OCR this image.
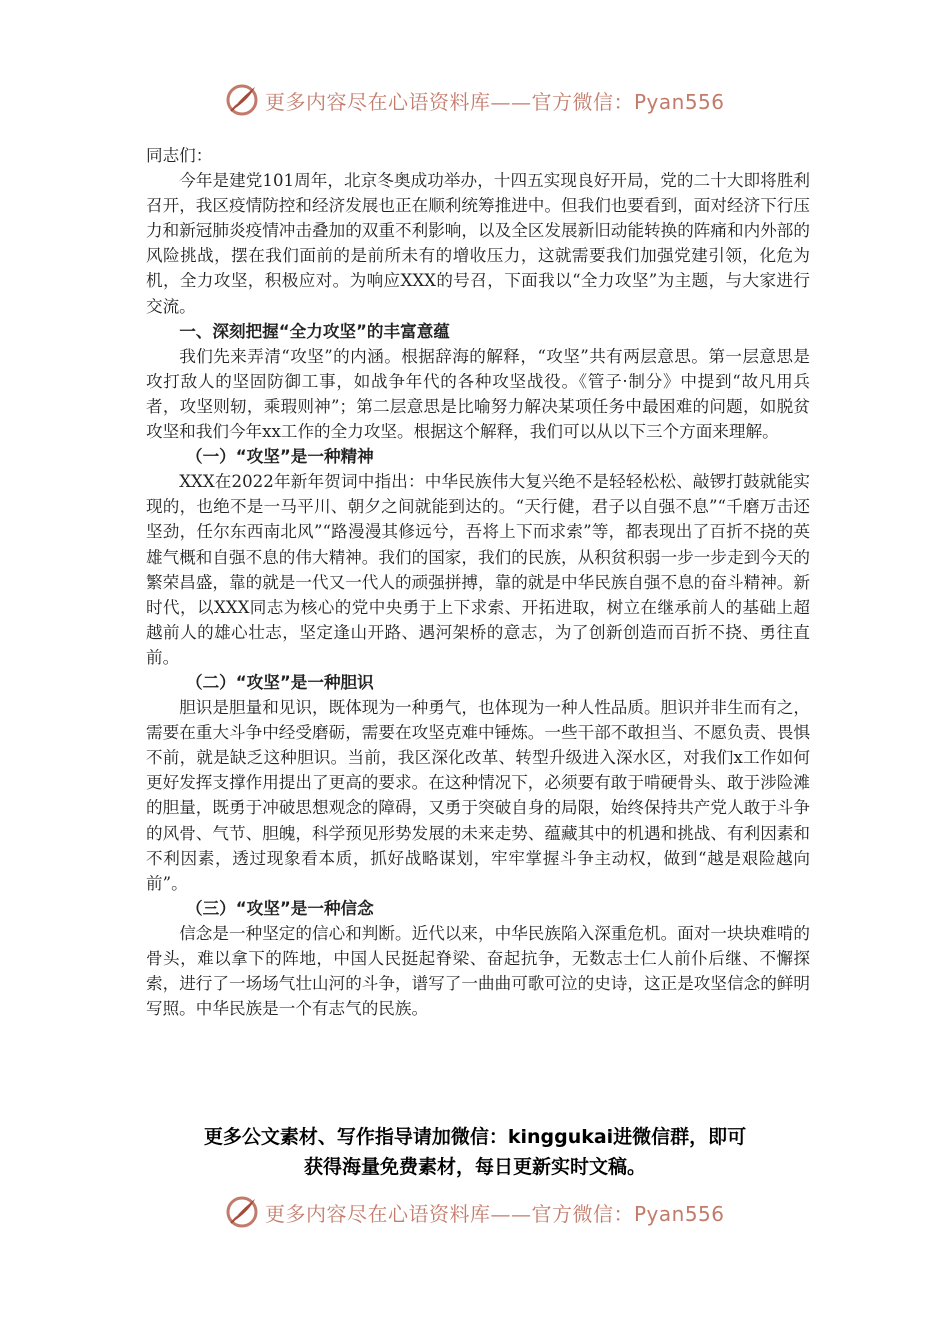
更多内容尽在心语资料库——官方微信：Pyan556

同志们：

今年是建党101周年，北京冬奥成功举办，十四五实现良好开局，党的二十大即将胜利召开，我区疫情防控和经济发展也正在顺利统筹推进中。但我们也要看到，面对经济下行压力和新冠肺炎疫情冲击叠加的双重不利影响，以及全区发展新旧动能转换的阵痛和内外部的风险挑战，摆在我们面前的是前所未有的增收压力，这就需要我们加强党建引领，化危为机，全力攻坚，积极应对。为响应XXX的号召，下面我以“全力攻坚”为主题，与大家进行交流。

一、深刻把握“全力攻坚”的丰富意蕴

我们先来弄清“攻坚”的内涵。根据辞海的解释，“攻坚”共有两层意思。第一层意思是攻打敌人的坚固防御工事，如战争年代的各种攻坚战役。《管子·制分》中提到“故凡用兵者，攻坚则轫，乘瑕则神”；第二层意思是比喻努力解决某项任务中最困难的问题，如脱贫攻坚和我们今年xx工作的全力攻坚。根据这个解释，我们可以从以下三个方面来理解。

（一）“攻坚”是一种精神

XXX在2022年新年贺词中指出：中华民族伟大复兴绝不是轻轻松松、敲锣打鼓就能实现的，也绝不是一马平川、朝夕之间就能到达的。“天行健，君子以自强不息”“千磨万击还坚劲，任尔东西南北风”“路漫漫其修远兮，吾将上下而求索”等，都表现出了百折不挠的英雄气概和自强不息的伟大精神。我们的国家，我们的民族，从积贫积弱一步一步走到今天的繁荣昌盛，靠的就是一代又一代人的顽强拼搏，靠的就是中华民族自强不息的奋斗精神。新时代，以XXX同志为核心的党中央勇于上下求索、开拓进取，树立在继承前人的基础上超越前人的雄心壮志，坚定逢山开路、遇河架桥的意志，为了创新创造而百折不挠、勇往直前。

（二）“攻坚”是一种胆识

胆识是胆量和见识，既体现为一种勇气，也体现为一种人性品质。胆识并非生而有之，需要在重大斗争中经受磨砺，需要在攻坚克难中锤炼。一些干部不敢担当、不愿负责、畏惧不前，就是缺乏这种胆识。当前，我区深化改革、转型升级进入深水区，对我们x工作如何更好发挥支撑作用提出了更高的要求。在这种情况下，必须要有敢于啃硬骨头、敢于涉险滩的胆量，既勇于冲破思想观念的障碍，又勇于突破自身的局限，始终保持共产党人敢于斗争的风骨、气节、胆魄，科学预见形势发展的未来走势、蕴藏其中的机遇和挑战、有利因素和不利因素，透过现象看本质，抓好战略谋划，牢牢掌握斗争主动权，做到“越是艰险越向前”。

（三）“攻坚”是一种信念

信念是一种坚定的信心和判断。近代以来，中华民族陷入深重危机。面对一块块难啃的骨头，难以拿下的阵地，中国人民挺起脊梁、奋起抗争，无数志士仁人前仆后继、不懈探索，进行了一场场气壮山河的斗争，谱写了一曲曲可歌可泣的史诗，这正是攻坚信念的鲜明写照。中华民族是一个有志气的民族。

更多公文素材、写作指导请加微信：kinggukai进微信群，即可

获得海量免费素材，每日更新实时文稿。

更多内容尽在心语资料库——官方微信：Pyan556
